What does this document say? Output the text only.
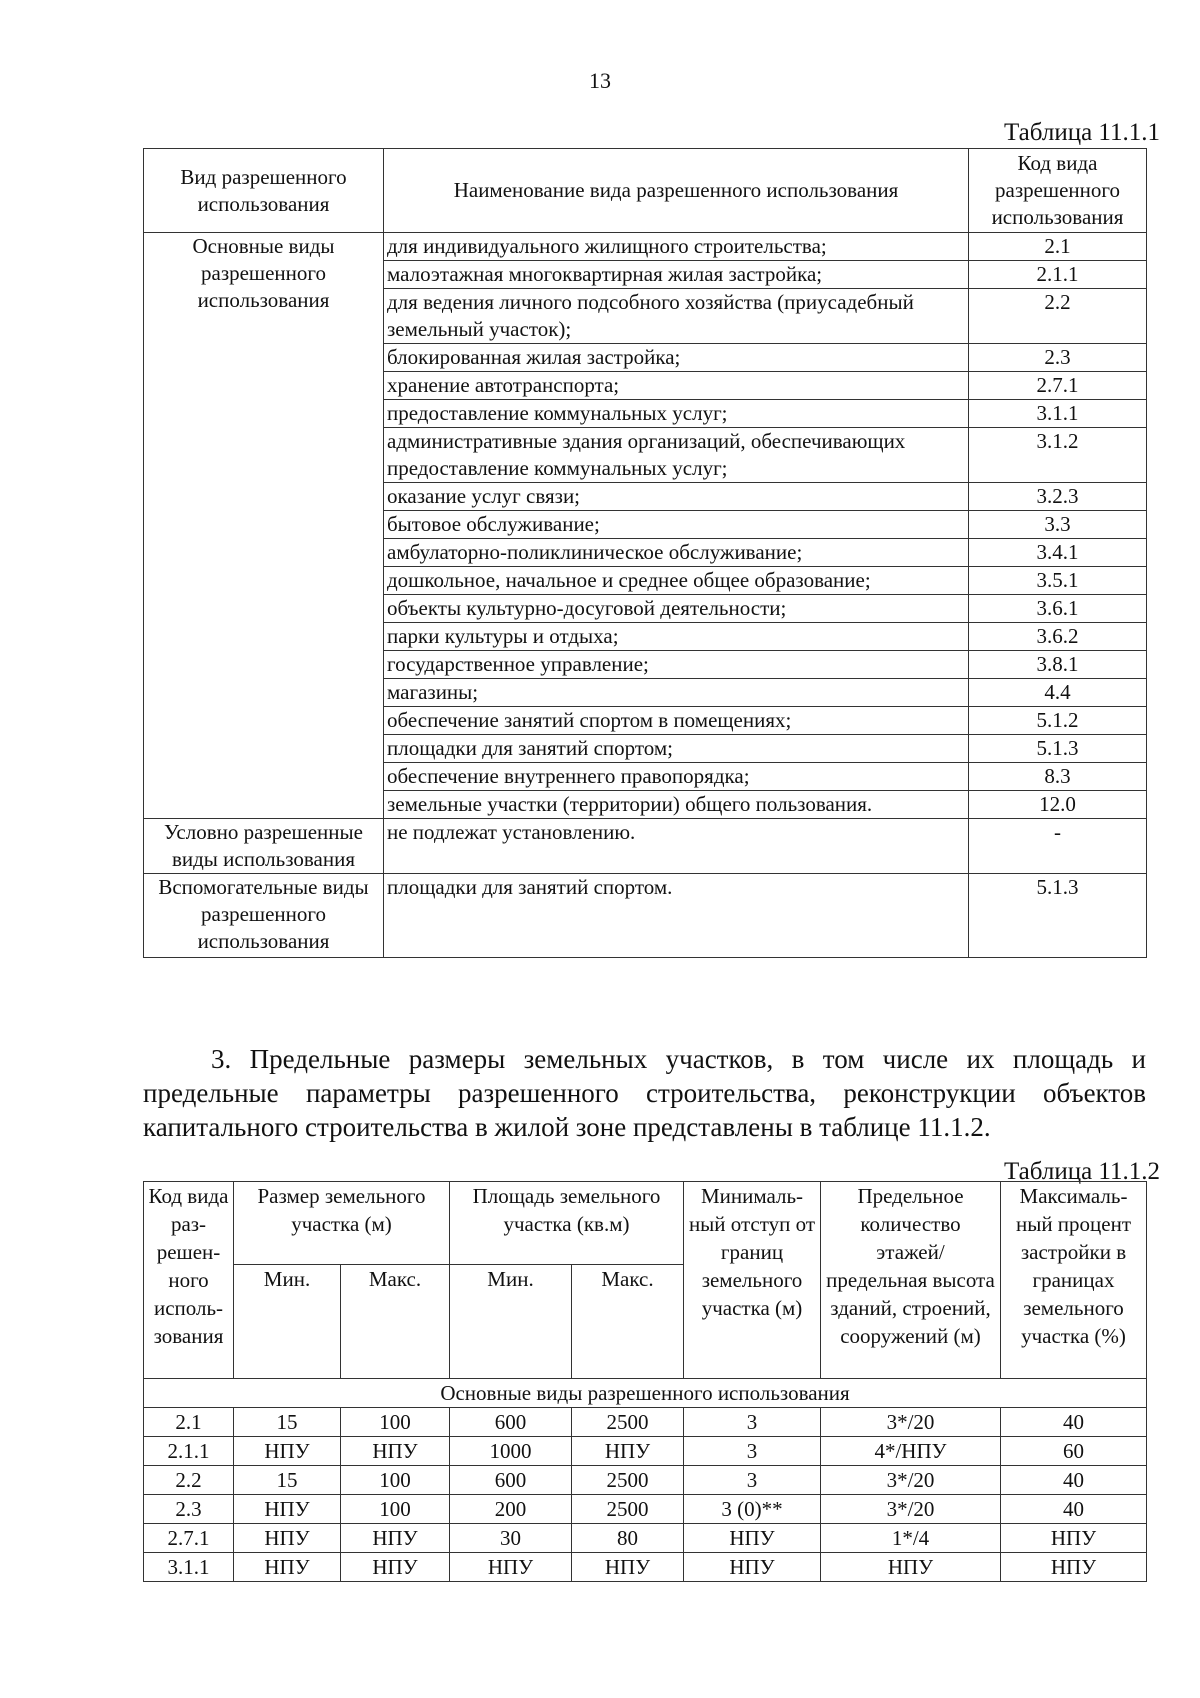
13
Таблица 11.1.1
Вид разрешенного использования	Наименование вида разрешенного использования	Код вида разрешенного использования
Основные виды разрешенного использования	для индивидуального жилищного строительства;	2.1
	малоэтажная многоквартирная жилая застройка;	2.1.1
	для ведения личного подсобного хозяйства (приусадебный земельный участок);	2.2
	блокированная жилая застройка;	2.3
	хранение автотранспорта;	2.7.1
	предоставление коммунальных услуг;	3.1.1
	административные здания организаций, обеспечивающих предоставление коммунальных услуг;	3.1.2
	оказание услуг связи;	3.2.3
	бытовое обслуживание;	3.3
	амбулаторно-поликлиническое обслуживание;	3.4.1
	дошкольное, начальное и среднее общее образование;	3.5.1
	объекты культурно-досуговой деятельности;	3.6.1
	парки культуры и отдыха;	3.6.2
	государственное управление;	3.8.1
	магазины;	4.4
	обеспечение занятий спортом в помещениях;	5.1.2
	площадки для занятий спортом;	5.1.3
	обеспечение внутреннего правопорядка;	8.3
	земельные участки (территории) общего пользования.	12.0
Условно разрешенные виды использования	не подлежат установлению.	-
Вспомогательные виды разрешенного использования	площадки для занятий спортом.	5.1.3

3. Предельные размеры земельных участков, в том числе их площадь и предельные параметры разрешенного строительства, реконструкции объектов капитального строительства в жилой зоне представлены в таблице 11.1.2.

Таблица 11.1.2
Код вида раз-решен-ного исполь-зования	Размер земельного участка (м)		Площадь земельного участка (кв.м)		Минималь-ный отступ от границ земельного участка (м)	Предельное количество этажей/ предельная высота зданий, строений, сооружений (м)	Максималь-ный процент застройки в границах земельного участка (%)
	Мин.	Макс.	Мин.	Макс.			
Основные виды разрешенного использования							
2.1	15	100	600	2500	3	3*/20	40
2.1.1	НПУ	НПУ	1000	НПУ	3	4*/НПУ	60
2.2	15	100	600	2500	3	3*/20	40
2.3	НПУ	100	200	2500	3 (0)**	3*/20	40
2.7.1	НПУ	НПУ	30	80	НПУ	1*/4	НПУ
3.1.1	НПУ	НПУ	НПУ	НПУ	НПУ	НПУ	НПУ
